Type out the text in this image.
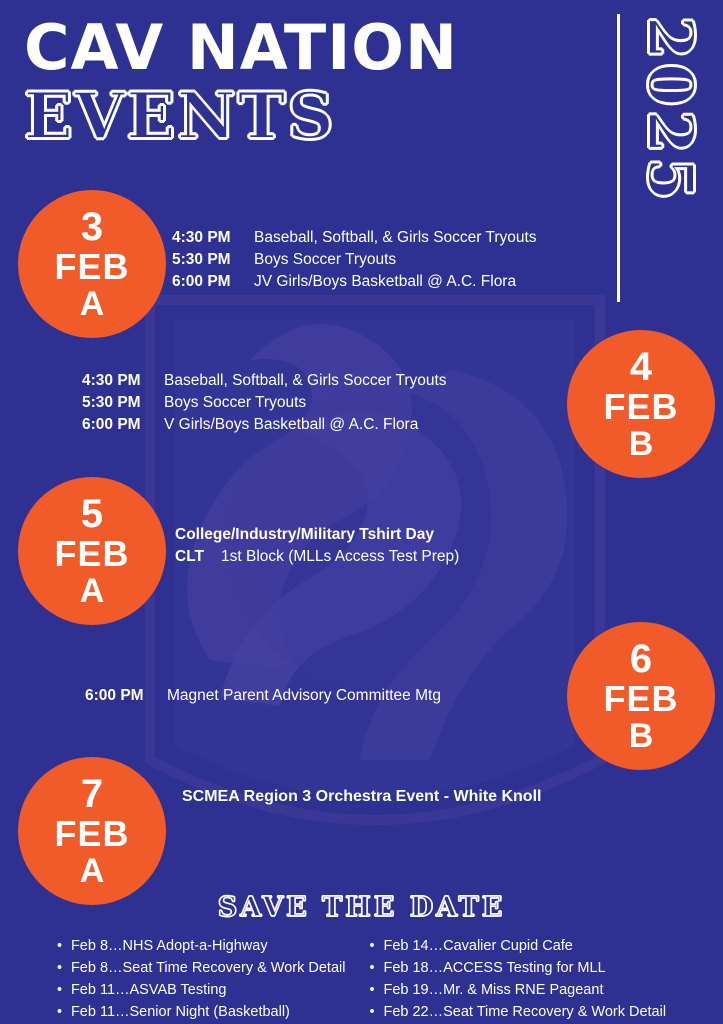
CAV NATION
EVENTS	2025
3
FEB
A
4:30 PM	Baseball, Softball, & Girls Soccer Tryouts
5:30 PM	Boys Soccer Tryouts
6:00 PM	JV Girls/Boys Basketball @ A.C. Flora
4
FEB
B
4:30 PM	Baseball, Softball, & Girls Soccer Tryouts
5:30 PM	Boys Soccer Tryouts
6:00 PM	V Girls/Boys Basketball @ A.C. Flora
5
FEB
A
College/Industry/Military Tshirt Day
CLT	1st Block (MLLs Access Test Prep)
6
FEB
B
6:00 PM	Magnet Parent Advisory Committee Mtg
7
FEB
A
SCMEA Region 3 Orchestra Event - White Knoll
SAVE THE DATE
• Feb 8…NHS Adopt-a-Highway
• Feb 8…Seat Time Recovery & Work Detail
• Feb 11…ASVAB Testing
• Feb 11…Senior Night (Basketball)
• Feb 14…Cavalier Cupid Cafe
• Feb 18…ACCESS Testing for MLL
• Feb 19…Mr. & Miss RNE Pageant
• Feb 22…Seat Time Recovery & Work Detail
